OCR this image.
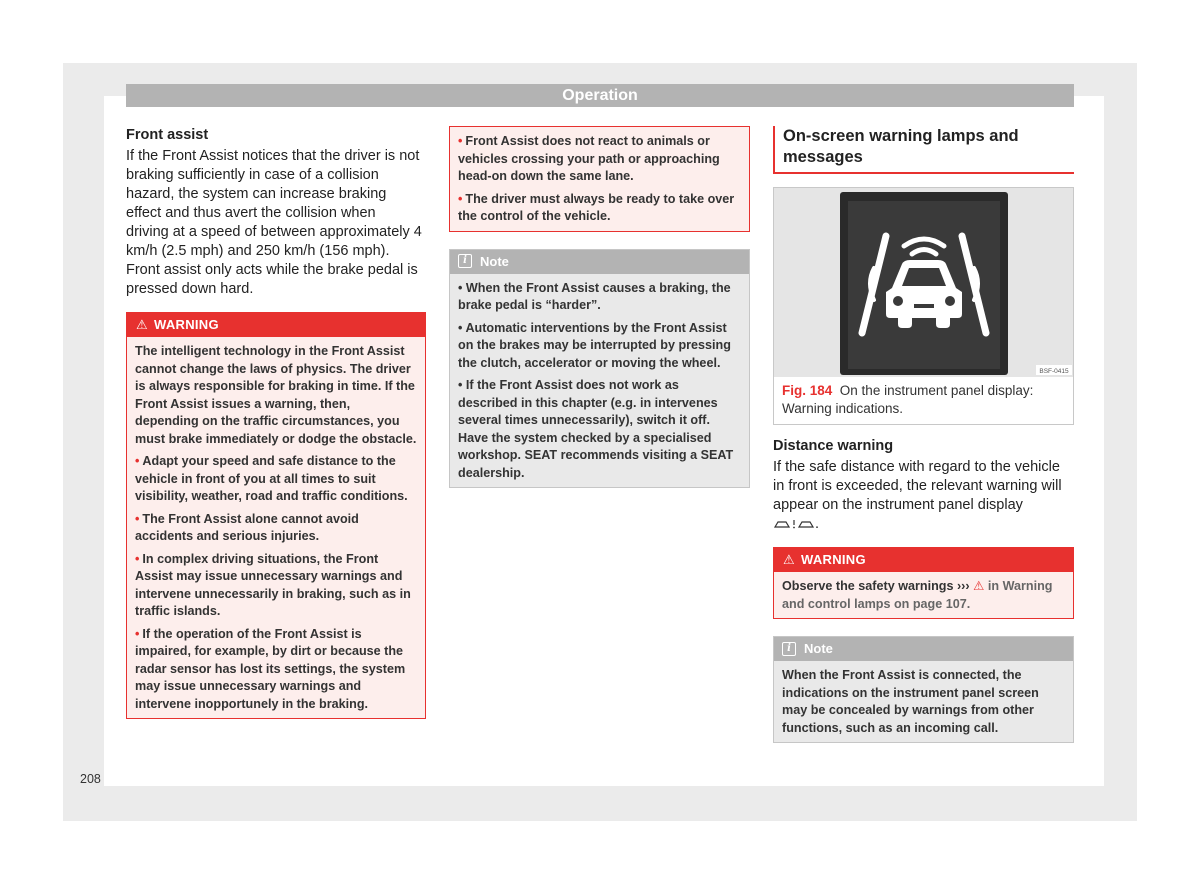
Operation

Front assist

If the Front Assist notices that the driver is not braking sufficiently in case of a collision hazard, the system can increase braking effect and thus avert the collision when driving at a speed of between approximately 4 km/h (2.5 mph) and 250 km/h (156 mph). Front assist only acts while the brake pedal is pressed down hard.

⚠ WARNING

The intelligent technology in the Front Assist cannot change the laws of physics. The driver is always responsible for braking in time. If the Front Assist issues a warning, then, depending on the traffic circumstances, you must brake immediately or dodge the obstacle.

• Adapt your speed and safe distance to the vehicle in front of you at all times to suit visibility, weather, road and traffic conditions.

• The Front Assist alone cannot avoid accidents and serious injuries.

• In complex driving situations, the Front Assist may issue unnecessary warnings and intervene unnecessarily in braking, such as in traffic islands.

• If the operation of the Front Assist is impaired, for example, by dirt or because the radar sensor has lost its settings, the system may issue unnecessary warnings and intervene inopportunely in the braking.

• Front Assist does not react to animals or vehicles crossing your path or approaching head-on down the same lane.

• The driver must always be ready to take over the control of the vehicle.

i Note

• When the Front Assist causes a braking, the brake pedal is “harder”.

• Automatic interventions by the Front Assist on the brakes may be interrupted by pressing the clutch, accelerator or moving the wheel.

• If the Front Assist does not work as described in this chapter (e.g. in intervenes several times unnecessarily), switch it off. Have the system checked by a specialised workshop. SEAT recommends visiting a SEAT dealership.

On-screen warning lamps and messages
BSF-0415
Fig. 184 On the instrument panel display: Warning indications.

Distance warning

If the safe distance with regard to the vehicle in front is exceeded, the relevant warning will appear on the instrument panel display
.

⚠ WARNING
Observe the safety warnings ››› ⚠ in Warning and control lamps on page 107.
i Note

When the Front Assist is connected, the indications on the instrument panel screen may be concealed by warnings from other functions, such as an incoming call.

208
